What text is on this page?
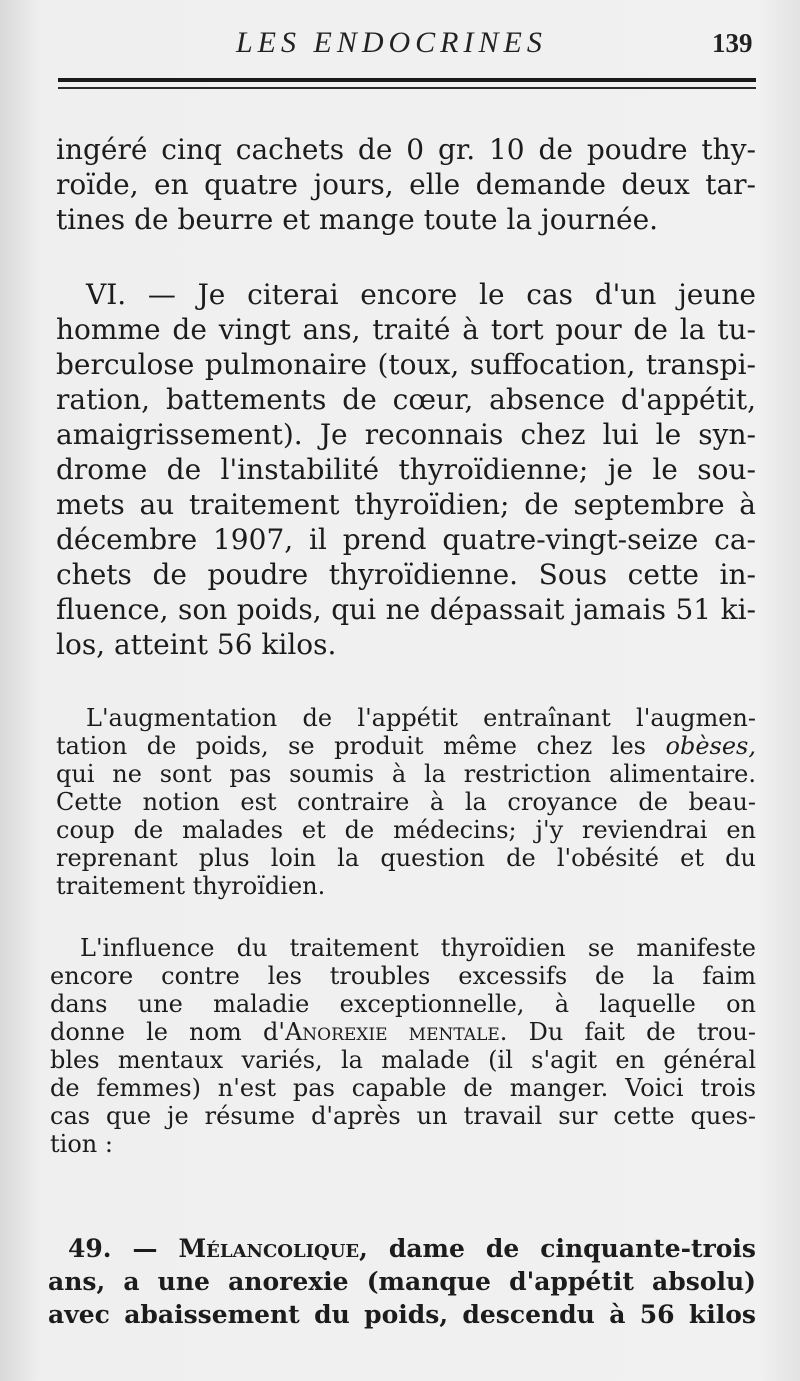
LES ENDOCRINES	139
ingéré cinq cachets de 0 gr. 10 de poudre thy-
roïde, en quatre jours, elle demande deux tar-
tines de beurre et mange toute la journée.
VI. — Je citerai encore le cas d'un jeune
homme de vingt ans, traité à tort pour de la tu-
berculose pulmonaire (toux, suffocation, transpi-
ration, battements de cœur, absence d'appétit,
amaigrissement). Je reconnais chez lui le syn-
drome de l'instabilité thyroïdienne; je le sou-
mets au traitement thyroïdien; de septembre à
décembre 1907, il prend quatre-vingt-seize ca-
chets de poudre thyroïdienne. Sous cette in-
fluence, son poids, qui ne dépassait jamais 51 ki-
los, atteint 56 kilos.
L'augmentation de l'appétit entraînant l'augmen-
tation de poids, se produit même chez les obèses,
qui ne sont pas soumis à la restriction alimentaire.
Cette notion est contraire à la croyance de beau-
coup de malades et de médecins; j'y reviendrai en
reprenant plus loin la question de l'obésité et du
traitement thyroïdien.
L'influence du traitement thyroïdien se manifeste
encore contre les troubles excessifs de la faim
dans une maladie exceptionnelle, à laquelle on
donne le nom d'Anorexie mentale. Du fait de trou-
bles mentaux variés, la malade (il s'agit en général
de femmes) n'est pas capable de manger. Voici trois
cas que je résume d'après un travail sur cette ques-
tion :
49. — Mélancolique, dame de cinquante-trois
ans, a une anorexie (manque d'appétit absolu)
avec abaissement du poids, descendu à 56 kilos
